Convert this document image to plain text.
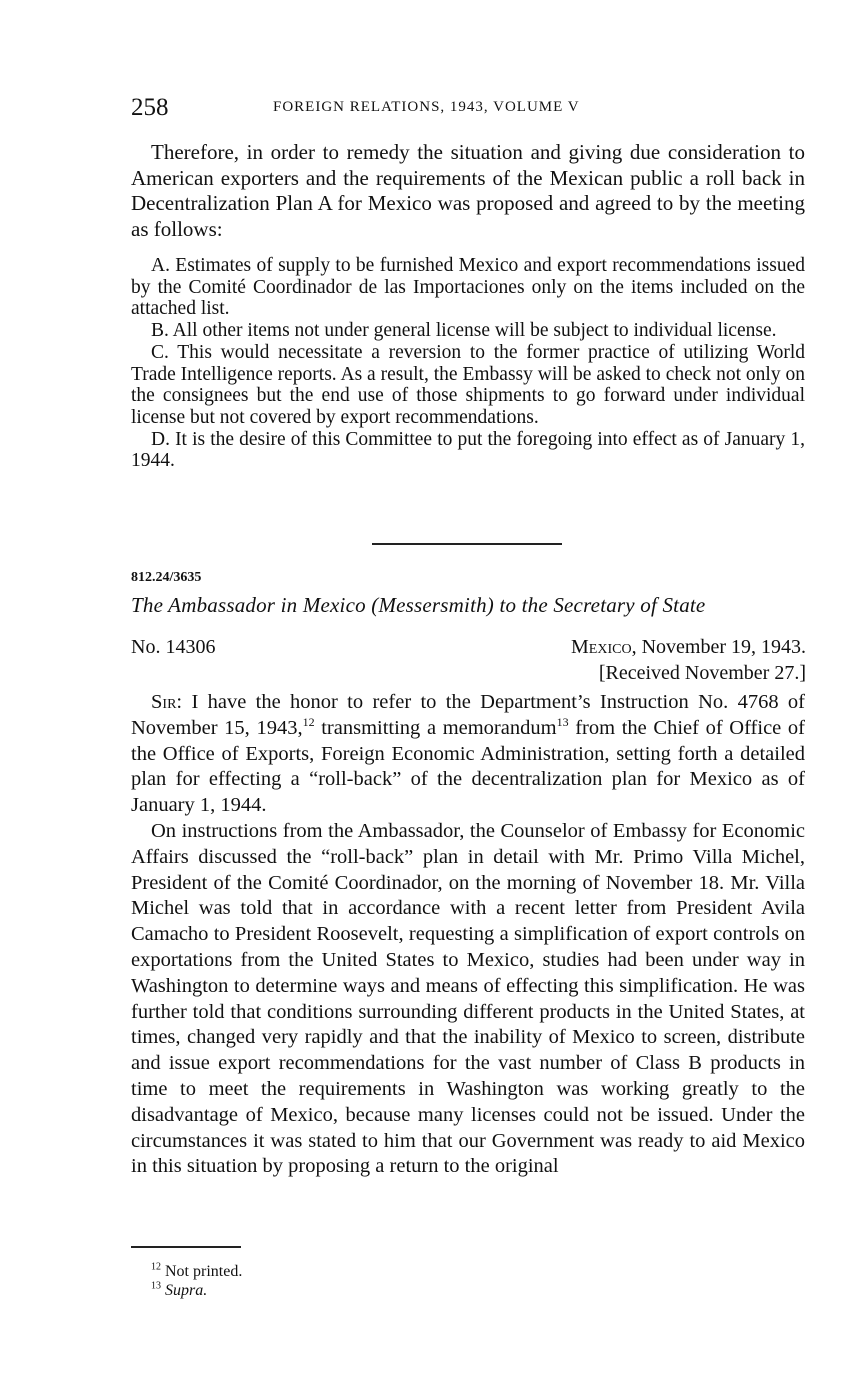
258	FOREIGN RELATIONS, 1943, VOLUME V

Therefore, in order to remedy the situation and giving due consideration to American exporters and the requirements of the Mexican public a roll back in Decentralization Plan A for Mexico was proposed and agreed to by the meeting as follows:

A. Estimates of supply to be furnished Mexico and export recommendations issued by the Comité Coordinador de las Importaciones only on the items included on the attached list.

B. All other items not under general license will be subject to individual license.

C. This would necessitate a reversion to the former practice of utilizing World Trade Intelligence reports. As a result, the Embassy will be asked to check not only on the consignees but the end use of those shipments to go forward under individual license but not covered by export recommendations.

D. It is the desire of this Committee to put the foregoing into effect as of January 1, 1944.

812.24/3635
The Ambassador in Mexico (Messersmith) to the Secretary of State
No. 14306	Mexico, November 19, 1943.
[Received November 27.]

Sir: I have the honor to refer to the Department’s Instruction No. 4768 of November 15, 1943,12 transmitting a memorandum$^{13}$ from the Chief of Office of the Office of Exports, Foreign Economic Administration, setting forth a detailed plan for effecting a “roll-back” of the decentralization plan for Mexico as of January 1, 1944.

On instructions from the Ambassador, the Counselor of Embassy for Economic Affairs discussed the “roll-back” plan in detail with Mr. Primo Villa Michel, President of the Comité Coordinador, on the morning of November 18. Mr. Villa Michel was told that in accordance with a recent letter from President Avila Camacho to President Roosevelt, requesting a simplification of export controls on exportations from the United States to Mexico, studies had been under way in Washington to determine ways and means of effecting this simplification. He was further told that conditions surrounding different products in the United States, at times, changed very rapidly and that the inability of Mexico to screen, distribute and issue export recommendations for the vast number of Class B products in time to meet the requirements in Washington was working greatly to the disadvantage of Mexico, because many licenses could not be issued. Under the circumstances it was stated to him that our Government was ready to aid Mexico in this situation by proposing a return to the original

$^{12}$ Not printed.
$^{13}$ Supra.
